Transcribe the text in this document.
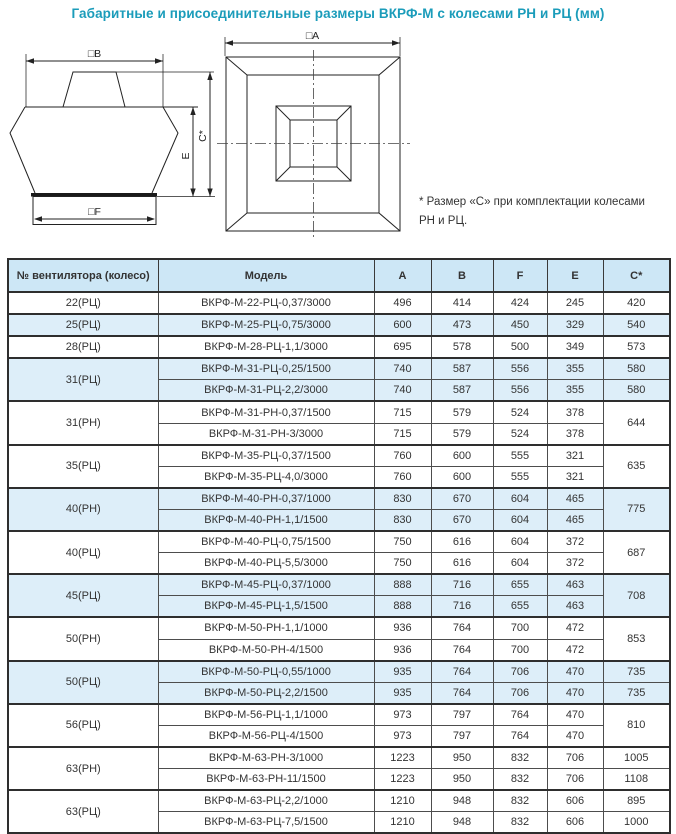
Габаритные и присоединительные размеры ВКРФ-М с колесами РН и РЦ (мм)
□B
□F
E
C*
□A
* Размер «С» при комплектации колесами
РН и РЦ.
№ вентилятора (колесо)	Модель	A	B	F	E	C*
22(РЦ)	ВКРФ-М-22-РЦ-0,37/3000	496	414	424	245	420
25(РЦ)	ВКРФ-М-25-РЦ-0,75/3000	600	473	450	329	540
28(РЦ)	ВКРФ-М-28-РЦ-1,1/3000	695	578	500	349	573
31(РЦ)	ВКРФ-М-31-РЦ-0,25/1500	740	587	556	355	580
	ВКРФ-М-31-РЦ-2,2/3000	740	587	556	355	580
31(РН)	ВКРФ-М-31-РН-0,37/1500	715	579	524	378	644
	ВКРФ-М-31-РН-3/3000	715	579	524	378	
35(РЦ)	ВКРФ-М-35-РЦ-0,37/1500	760	600	555	321	635
	ВКРФ-М-35-РЦ-4,0/3000	760	600	555	321	
40(РН)	ВКРФ-М-40-РН-0,37/1000	830	670	604	465	775
	ВКРФ-М-40-РН-1,1/1500	830	670	604	465	
40(РЦ)	ВКРФ-М-40-РЦ-0,75/1500	750	616	604	372	687
	ВКРФ-М-40-РЦ-5,5/3000	750	616	604	372	
45(РЦ)	ВКРФ-М-45-РЦ-0,37/1000	888	716	655	463	708
	ВКРФ-М-45-РЦ-1,5/1500	888	716	655	463	
50(РН)	ВКРФ-М-50-РН-1,1/1000	936	764	700	472	853
	ВКРФ-М-50-РН-4/1500	936	764	700	472	
50(РЦ)	ВКРФ-М-50-РЦ-0,55/1000	935	764	706	470	735
	ВКРФ-М-50-РЦ-2,2/1500	935	764	706	470	735
56(РЦ)	ВКРФ-М-56-РЦ-1,1/1000	973	797	764	470	810
	ВКРФ-М-56-РЦ-4/1500	973	797	764	470	
63(РН)	ВКРФ-М-63-РН-3/1000	1223	950	832	706	1005
	ВКРФ-М-63-РН-11/1500	1223	950	832	706	1108
63(РЦ)	ВКРФ-М-63-РЦ-2,2/1000	1210	948	832	606	895
	ВКРФ-М-63-РЦ-7,5/1500	1210	948	832	606	1000
